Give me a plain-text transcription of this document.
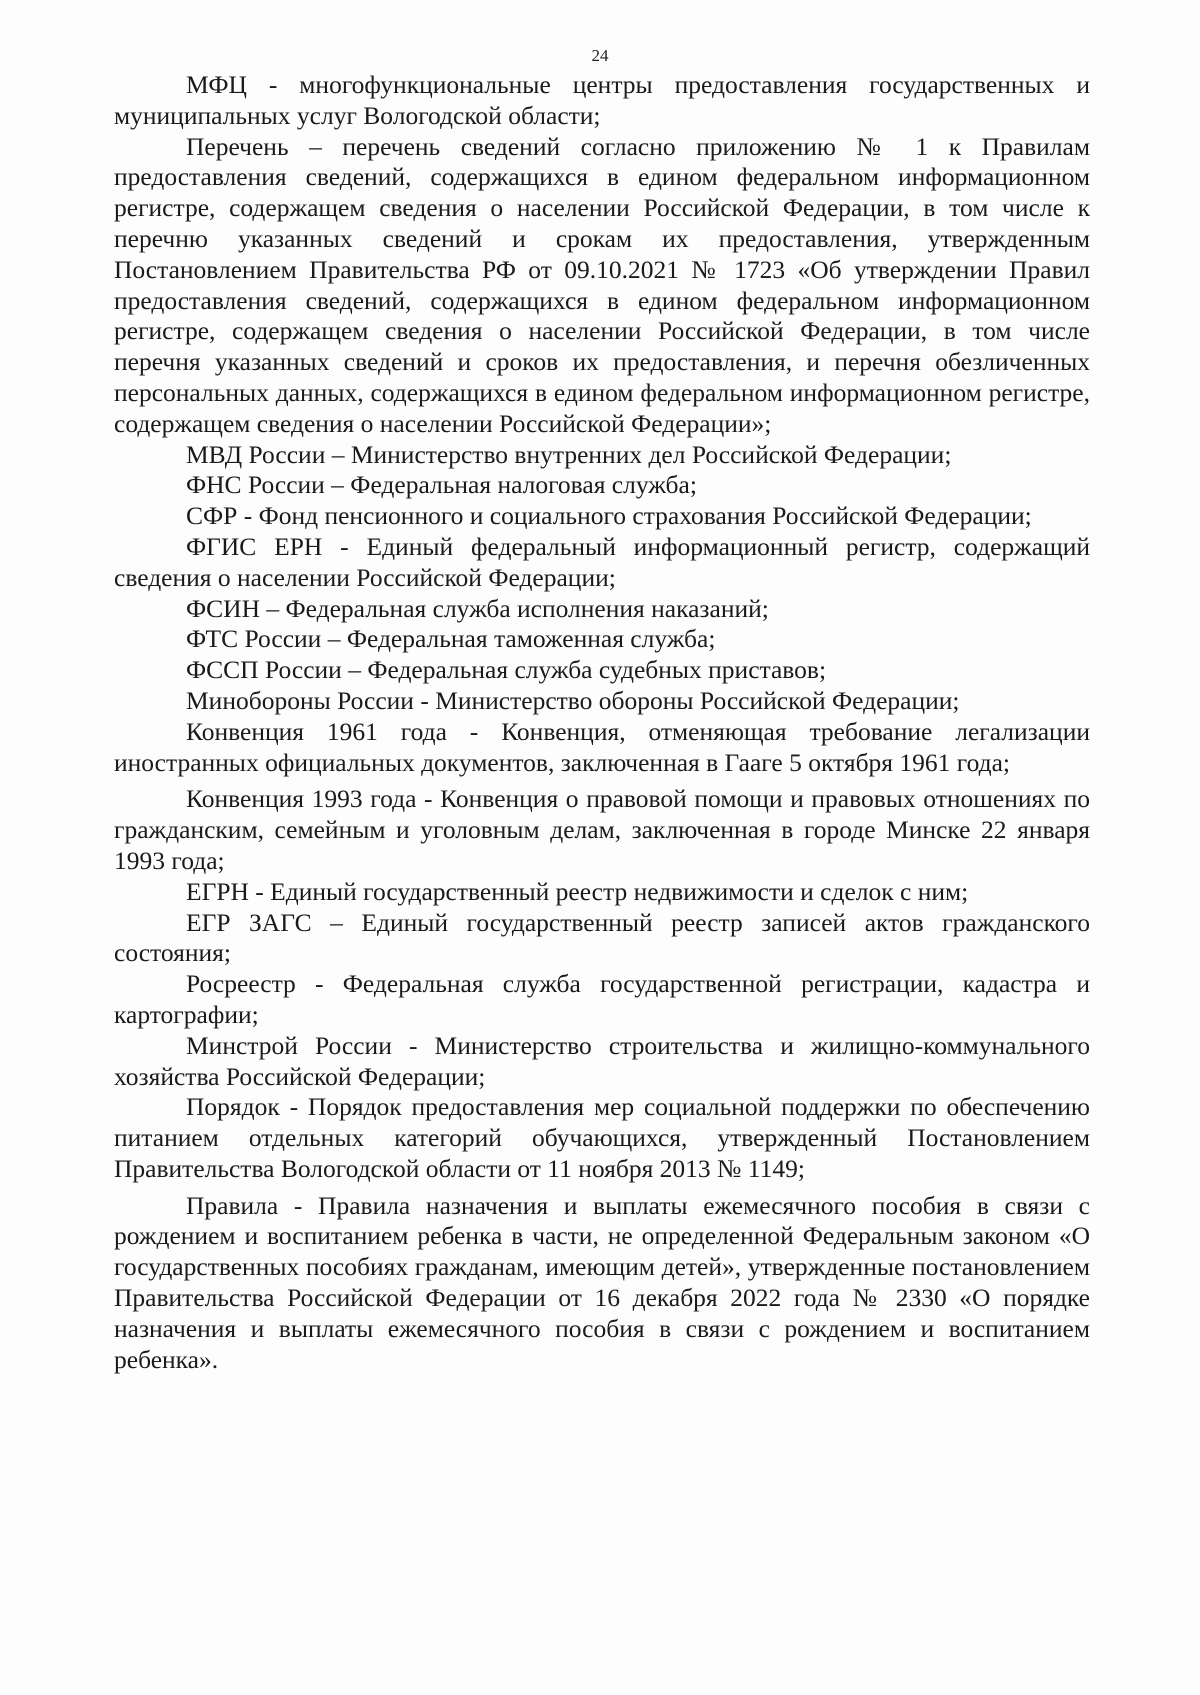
24

МФЦ - многофункциональные центры предоставления государственных и муниципальных услуг Вологодской области;

Перечень – перечень сведений согласно приложению № 1 к Правилам предоставления сведений, содержащихся в едином федеральном информационном регистре, содержащем сведения о населении Российской Федерации, в том числе к перечню указанных сведений и срокам их предоставления, утвержденным Постановлением Правительства РФ от 09.10.2021 № 1723 «Об утверждении Правил предоставления сведений, содержащихся в едином федеральном информационном регистре, содержащем сведения о населении Российской Федерации, в том числе перечня указанных сведений и сроков их предоставления, и перечня обезличенных персональных данных, содержащихся в едином федеральном информационном регистре, содержащем сведения о населении Российской Федерации»;

МВД России – Министерство внутренних дел Российской Федерации;

ФНС России – Федеральная налоговая служба;

СФР - Фонд пенсионного и социального страхования Российской Федерации;

ФГИС ЕРН - Единый федеральный информационный регистр, содержащий сведения о населении Российской Федерации;

ФСИН – Федеральная служба исполнения наказаний;

ФТС России – Федеральная таможенная служба;

ФССП России – Федеральная служба судебных приставов;

Минобороны России - Министерство обороны Российской Федерации;

Конвенция 1961 года - Конвенция, отменяющая требование легализации иностранных официальных документов, заключенная в Гааге 5 октября 1961 года;

Конвенция 1993 года - Конвенция о правовой помощи и правовых отношениях по гражданским, семейным и уголовным делам, заключенная в городе Минске 22 января 1993 года;

ЕГРН - Единый государственный реестр недвижимости и сделок с ним;

ЕГР ЗАГС – Единый государственный реестр записей актов гражданского состояния;

Росреестр - Федеральная служба государственной регистрации, кадастра и картографии;

Минстрой России - Министерство строительства и жилищно-коммунального хозяйства Российской Федерации;

Порядок - Порядок предоставления мер социальной поддержки по обеспечению питанием отдельных категорий обучающихся, утвержденный Постановлением Правительства Вологодской области от 11 ноября 2013 № 1149;

Правила - Правила назначения и выплаты ежемесячного пособия в связи с рождением и воспитанием ребенка в части, не определенной Федеральным законом «О государственных пособиях гражданам, имеющим детей», утвержденные постановлением Правительства Российской Федерации от 16 декабря 2022 года № 2330 «О порядке назначения и выплаты ежемесячного пособия в связи с рождением и воспитанием ребенка».
